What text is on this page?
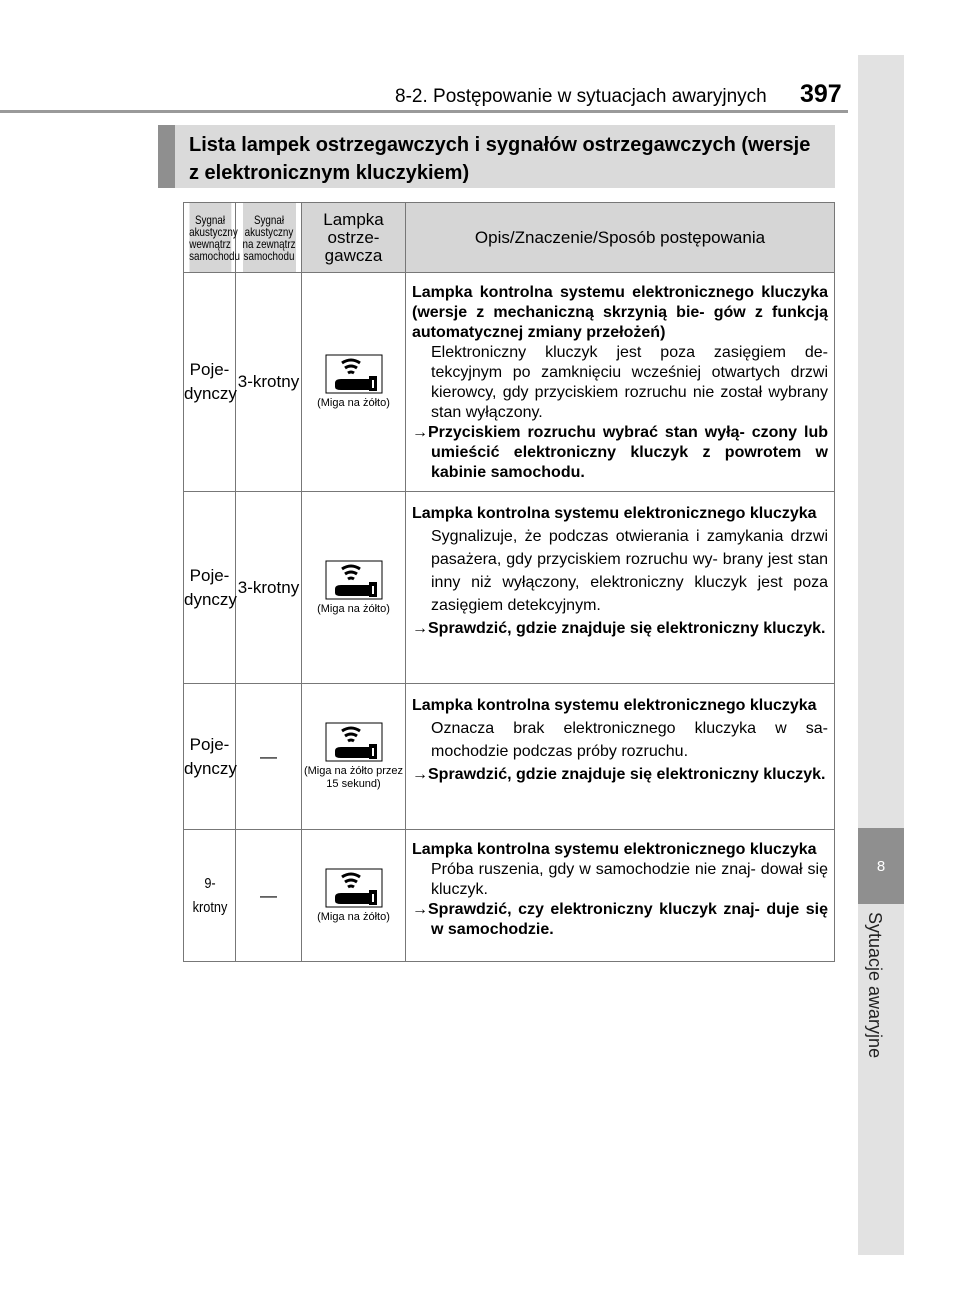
8-2. Postępowanie w sytuacjach awaryjnych 397
8
Sytuacje awaryjne
Lista lampek ostrzegawczych i sygnałów ostrzegawczych (wersje z elektronicznym kluczykiem)
Sygnał akustyczny wewnątrz samochodu	Sygnał akustyczny na zewnątrz samochodu	Lampka ostrze- gawcza	Opis/Znaczenie/Sposób postępowania
Poje- dynczy	3-krotny	(Miga na żółto)	Lampka kontrolna systemu elektronicznego kluczyka (wersje z mechaniczną skrzynią bie- gów z funkcją automatycznej zmiany przełożeń)
Elektroniczny kluczyk jest poza zasięgiem de- tekcyjnym po zamknięciu wcześniej otwartych drzwi kierowcy, gdy przyciskiem rozruchu nie został wybrany stan wyłączony.
→Przyciskiem rozruchu wybrać stan wyłą- czony lub umieścić elektroniczny kluczyk z powrotem w kabinie samochodu.

Poje- dynczy	3-krotny	(Miga na żółto)	Lampka kontrolna systemu elektronicznego kluczyka
Sygnalizuje, że podczas otwierania i zamykania drzwi pasażera, gdy przyciskiem rozruchu wy- brany jest stan inny niż wyłączony, elektroniczny kluczyk jest poza zasięgiem detekcyjnym.
→Sprawdzić, gdzie znajduje się elektroniczny kluczyk.

Poje- dynczy	—	(Miga na żółto przez 15 sekund)	Lampka kontrolna systemu elektronicznego kluczyka
Oznacza brak elektronicznego kluczyka w sa- mochodzie podczas próby rozruchu.
→Sprawdzić, gdzie znajduje się elektroniczny kluczyk.

9-krotny	—	(Miga na żółto)	Lampka kontrolna systemu elektronicznego kluczyka
Próba ruszenia, gdy w samochodzie nie znaj- dował się kluczyk.
→Sprawdzić, czy elektroniczny kluczyk znaj- duje się w samochodzie.
